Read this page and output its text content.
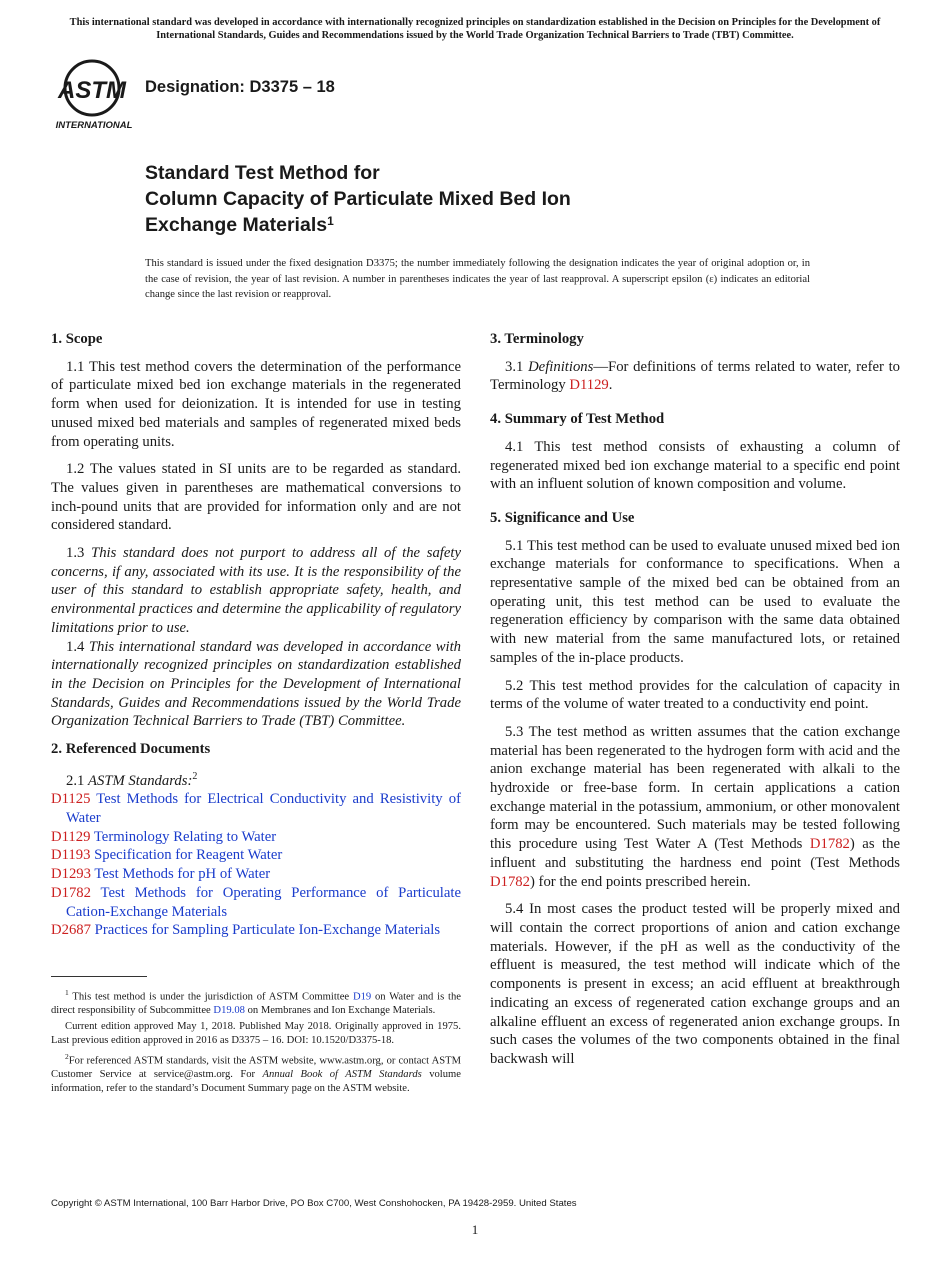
This international standard was developed in accordance with internationally recognized principles on standardization established in the Decision on Principles for the Development of International Standards, Guides and Recommendations issued by the World Trade Organization Technical Barriers to Trade (TBT) Committee.
ASTM
INTERNATIONAL
Designation: D3375 – 18
Standard Test Method for
Column Capacity of Particulate Mixed Bed Ion
Exchange Materials$^1$
This standard is issued under the fixed designation D3375; the number immediately following the designation indicates the year of original adoption or, in the case of revision, the year of last revision. A number in parentheses indicates the year of last reapproval. A superscript epsilon (ε) indicates an editorial change since the last revision or reapproval.
1. Scope

1.1 This test method covers the determination of the performance of particulate mixed bed ion exchange materials in the regenerated form when used for deionization. It is intended for use in testing unused mixed bed materials and samples of regenerated mixed beds from operating units.

1.2 The values stated in SI units are to be regarded as standard. The values given in parentheses are mathematical conversions to inch-pound units that are provided for information only and are not considered standard.

1.3 This standard does not purport to address all of the safety concerns, if any, associated with its use. It is the responsibility of the user of this standard to establish appropriate safety, health, and environmental practices and determine the applicability of regulatory limitations prior to use.

1.4 This international standard was developed in accordance with internationally recognized principles on standardization established in the Decision on Principles for the Development of International Standards, Guides and Recommendations issued by the World Trade Organization Technical Barriers to Trade (TBT) Committee.

2. Referenced Documents

2.1 ASTM Standards:$^2$

D1125 Test Methods for Electrical Conductivity and Resistivity of Water
D1129 Terminology Relating to Water
D1193 Specification for Reagent Water
D1293 Test Methods for pH of Water
D1782 Test Methods for Operating Performance of Particulate Cation-Exchange Materials
D2687 Practices for Sampling Particulate Ion-Exchange Materials

$^1$ This test method is under the jurisdiction of ASTM Committee D19 on Water and is the direct responsibility of Subcommittee D19.08 on Membranes and Ion Exchange Materials.

Current edition approved May 1, 2018. Published May 2018. Originally approved in 1975. Last previous edition approved in 2016 as D3375 – 16. DOI: 10.1520/D3375-18.

$^2$For referenced ASTM standards, visit the ASTM website, www.astm.org, or contact ASTM Customer Service at service@astm.org. For Annual Book of ASTM Standards volume information, refer to the standard’s Document Summary page on the ASTM website.

3. Terminology

3.1 Definitions—For definitions of terms related to water, refer to Terminology D1129.

4. Summary of Test Method

4.1 This test method consists of exhausting a column of regenerated mixed bed ion exchange material to a specific end point with an influent solution of known composition and volume.

5. Significance and Use

5.1 This test method can be used to evaluate unused mixed bed ion exchange materials for conformance to specifications. When a representative sample of the mixed bed can be obtained from an operating unit, this test method can be used to evaluate the regeneration efficiency by comparison with the same data obtained with new material from the same manufactured lots, or retained samples of the in-place products.

5.2 This test method provides for the calculation of capacity in terms of the volume of water treated to a conductivity end point.

5.3 The test method as written assumes that the cation exchange material has been regenerated to the hydrogen form with acid and the anion exchange material has been regenerated with alkali to the hydroxide or free-base form. In certain applications a cation exchange material in the potassium, ammonium, or other monovalent form may be encountered. Such materials may be tested following this procedure using Test Water A (Test Methods D1782) as the influent and substituting the hardness end point (Test Methods D1782) for the end points prescribed herein.

5.4 In most cases the product tested will be properly mixed and will contain the correct proportions of anion and cation exchange materials. However, if the pH as well as the conductivity of the effluent is measured, the test method will indicate which of the components is present in excess; an acid effluent at breakthrough indicating an excess of regenerated cation exchange groups and an alkaline effluent an excess of regenerated anion exchange groups. In such cases the volumes of the two components obtained in the final backwash will

Copyright © ASTM International, 100 Barr Harbor Drive, PO Box C700, West Conshohocken, PA 19428-2959. United States
1
